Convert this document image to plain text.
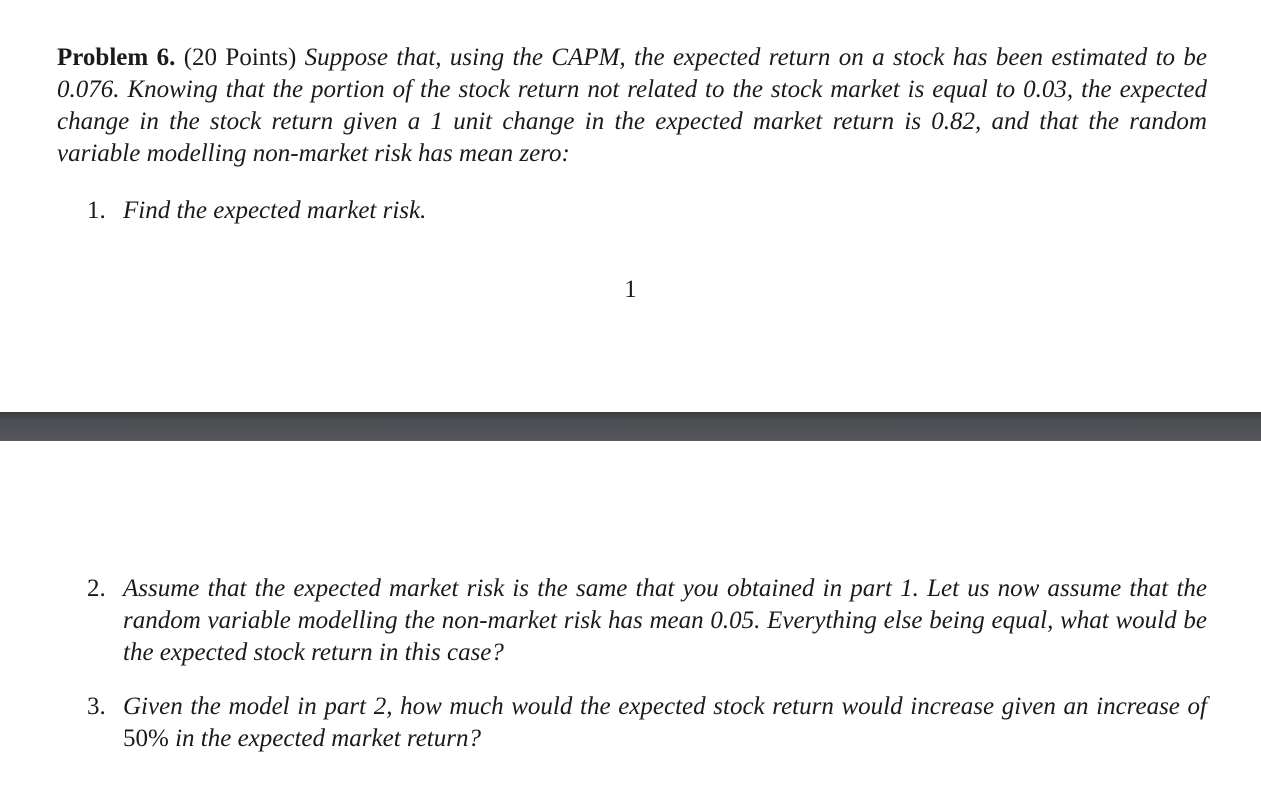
Problem 6. (20 Points) Suppose that, using the CAPM, the expected return on a stock has been estimated to be 0.076. Knowing that the portion of the stock return not related to the stock market is equal to 0.03, the expected change in the stock return given a 1 unit change in the expected market return is 0.82, and that the random variable modelling non-market risk has mean zero:

1. Find the expected market risk.
1
2. Assume that the expected market risk is the same that you obtained in part 1. Let us now assume that the random variable modelling the non-market risk has mean 0.05. Everything else being equal, what would be the expected stock return in this case?
3. Given the model in part 2, how much would the expected stock return would increase given an increase of 50% in the expected market return?
